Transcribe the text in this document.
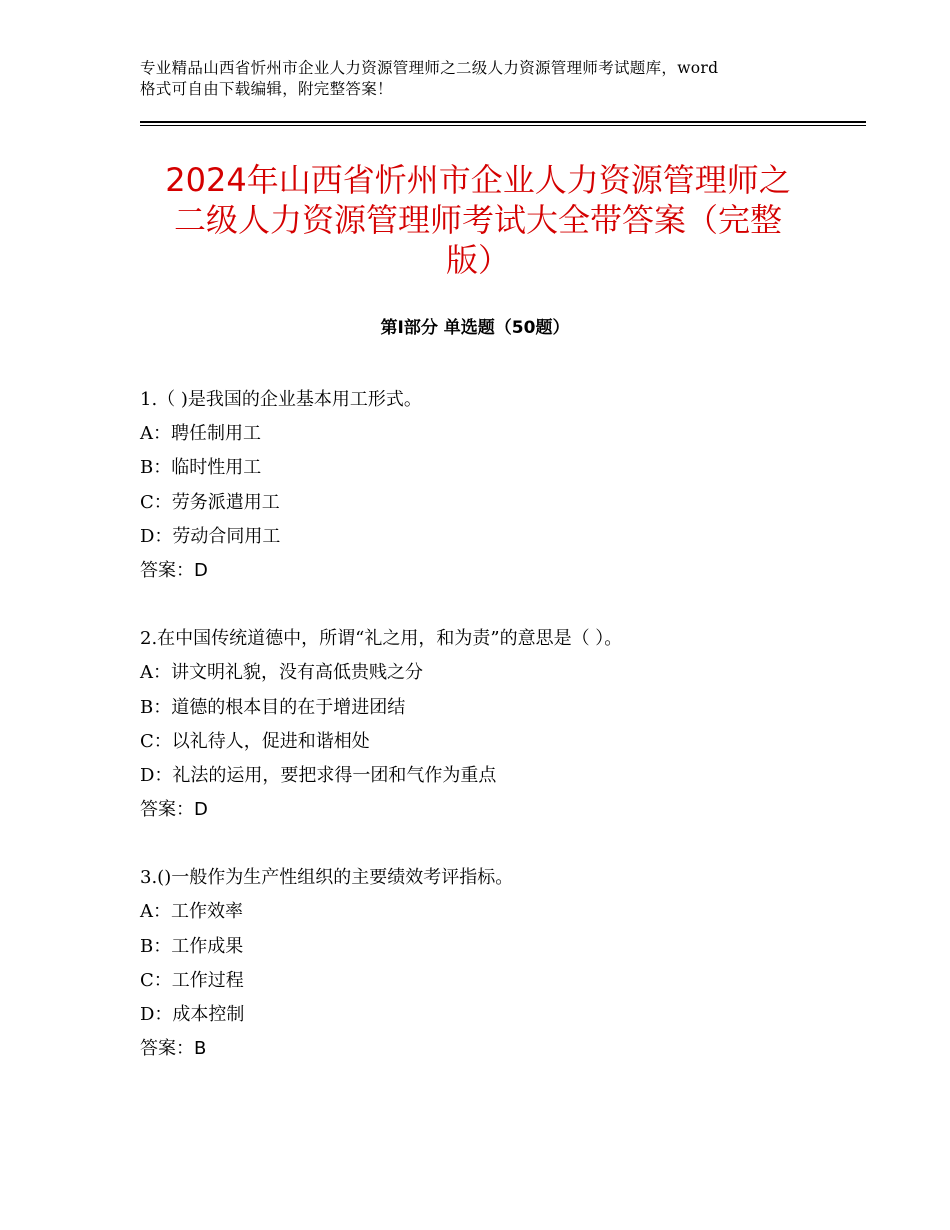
专业精品山西省忻州市企业人力资源管理师之二级人力资源管理师考试题库，word
格式可自由下载编辑，附完整答案！
2024年山西省忻州市企业人力资源管理师之
二级人力资源管理师考试大全带答案（完整
版）
第Ⅰ部分 单选题（50题）
1.（ )是我国的企业基本用工形式。
A：聘任制用工
B：临时性用工
C：劳务派遣用工
D：劳动合同用工
答案：D
2.在中国传统道德中，所谓“礼之用，和为责”的意思是（ ）。
A：讲文明礼貌，没有高低贵贱之分
B：道德的根本目的在于增进团结
C：以礼待人，促进和谐相处
D：礼法的运用，要把求得一团和气作为重点
答案：D
3.()一般作为生产性组织的主要绩效考评指标。
A：工作效率
B：工作成果
C：工作过程
D：成本控制
答案：B
